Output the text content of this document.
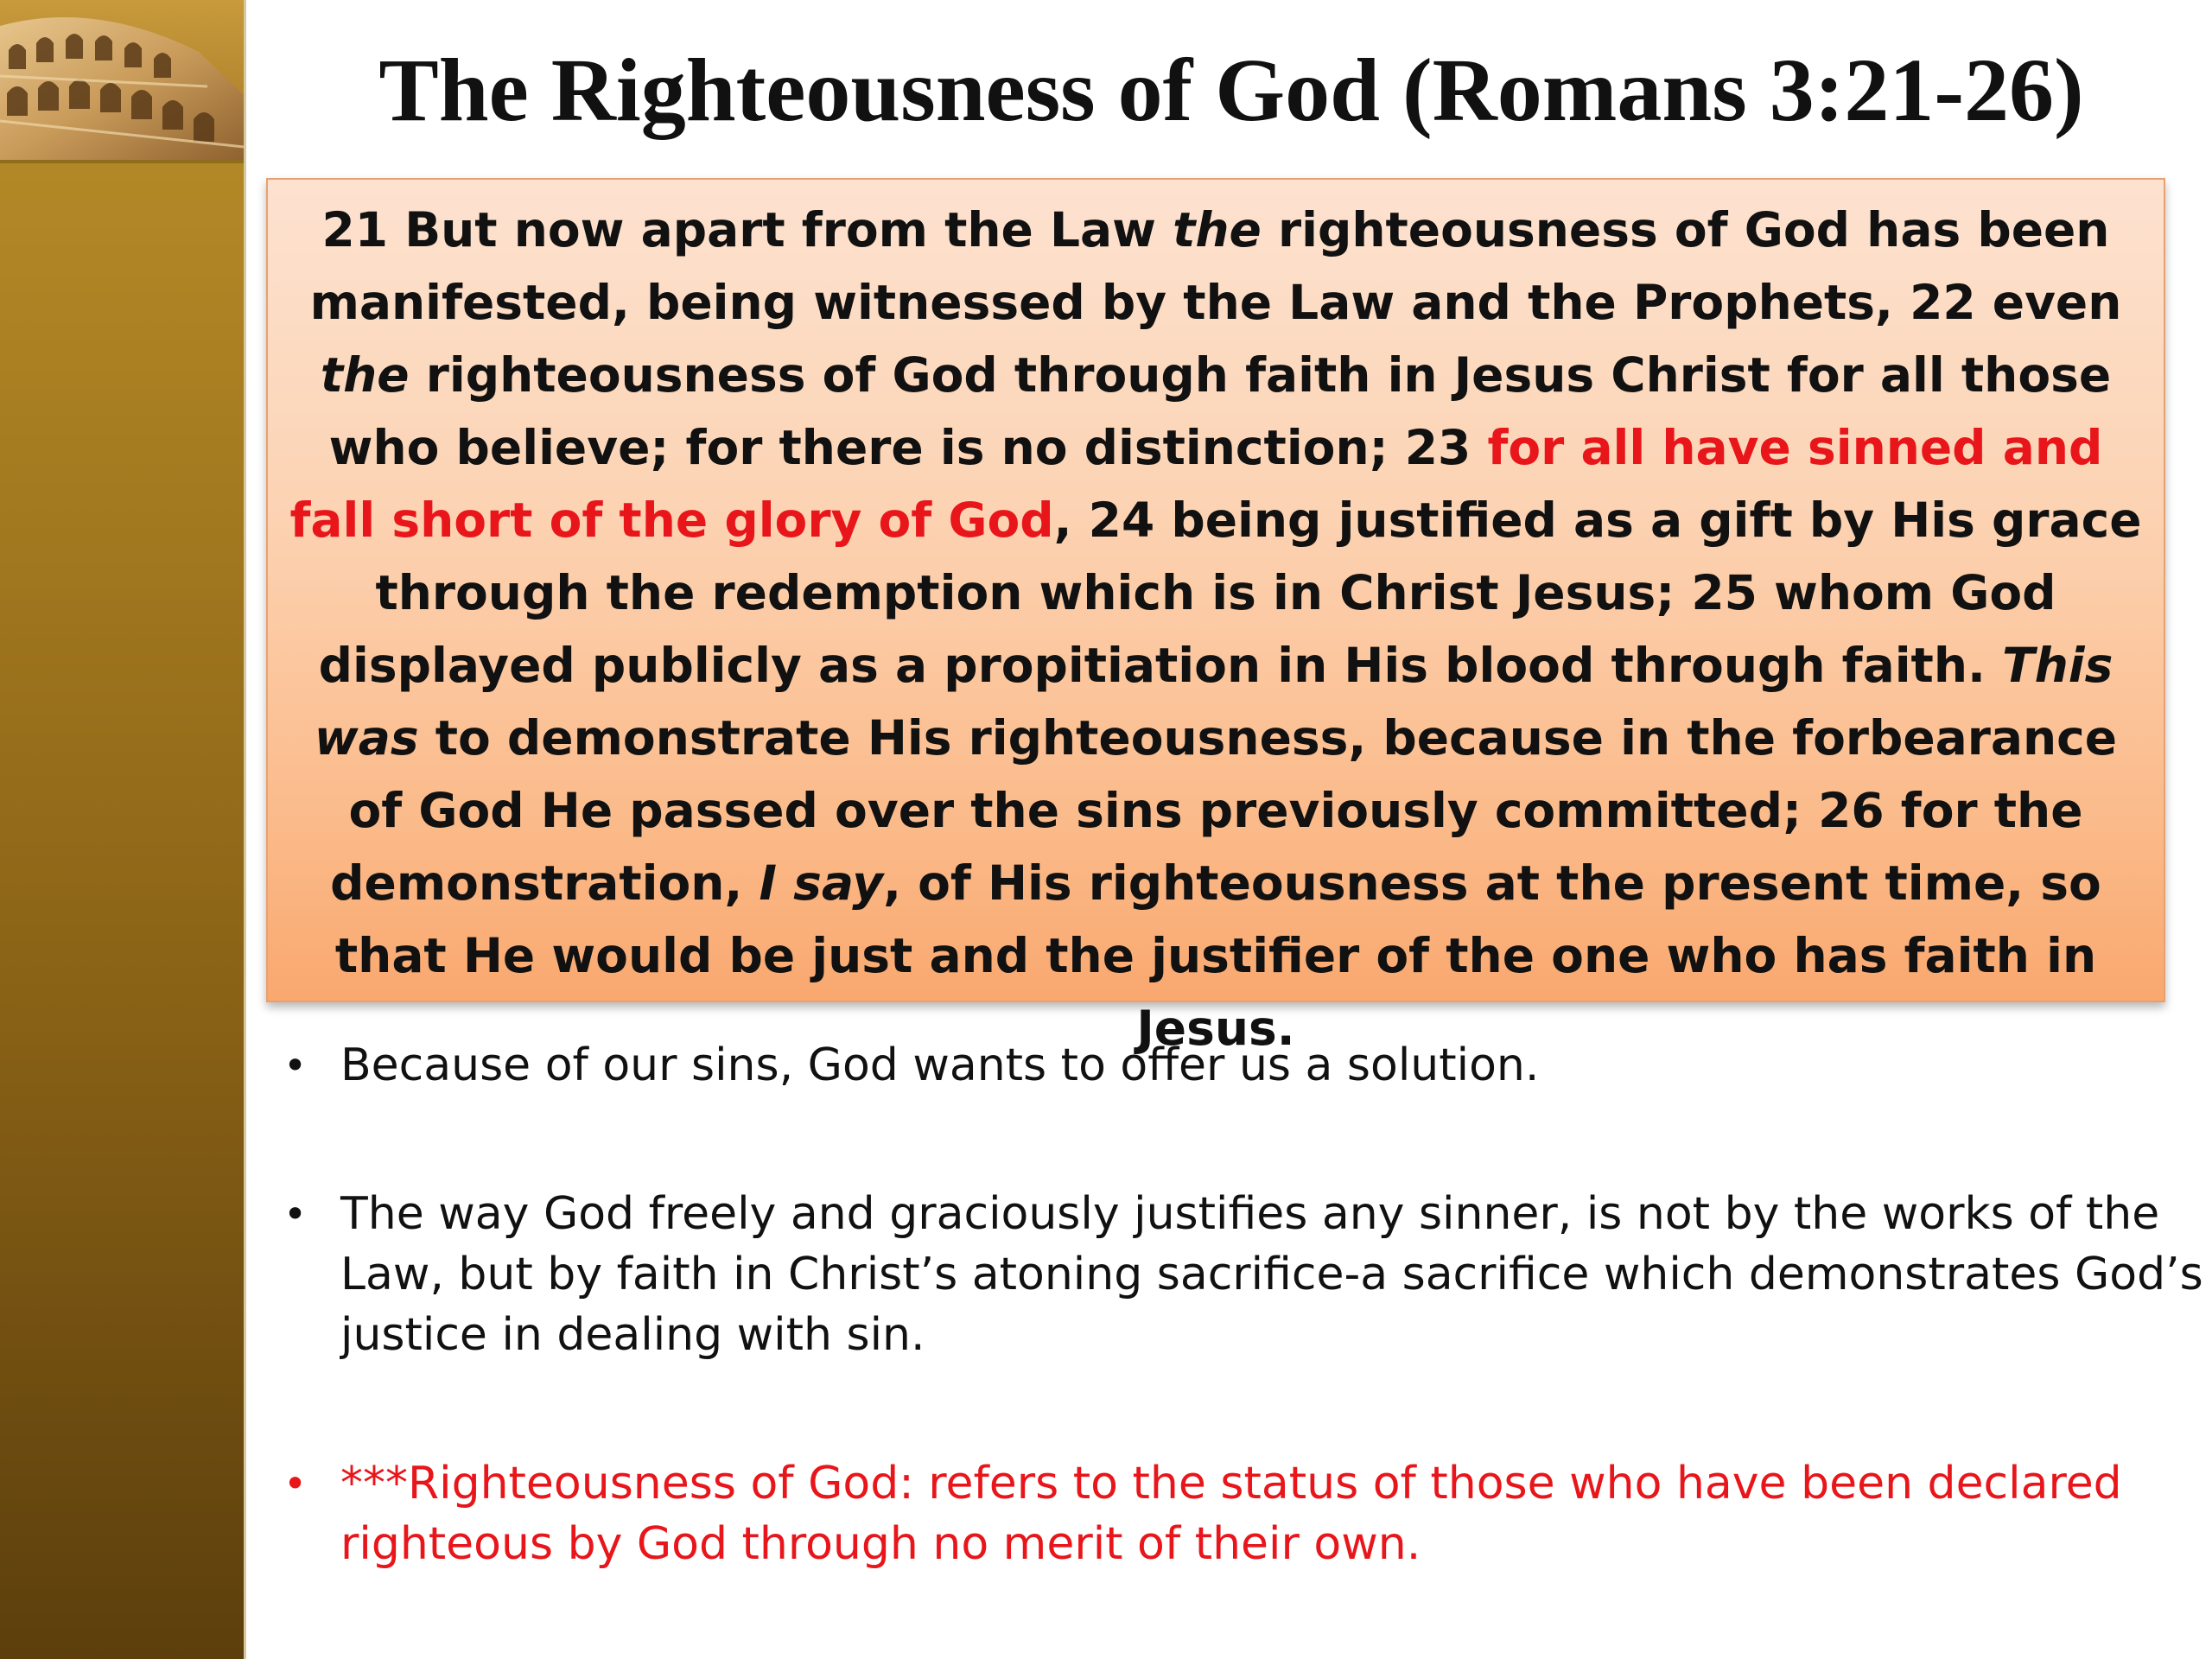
The Righteousness of God (Romans 3:21-26)
21 But now apart from the Law the righteousness of God has been manifested, being witnessed by the Law and the Prophets, 22 even the righteousness of God through faith in Jesus Christ for all those who believe; for there is no distinction; 23 for all have sinned and fall short of the glory of God, 24 being justified as a gift by His grace through the redemption which is in Christ Jesus; 25 whom God displayed publicly as a propitiation in His blood through faith. This was to demonstrate His righteousness, because in the forbearance of God He passed over the sins previously committed; 26 for the demonstration, I say, of His righteousness at the present time, so that He would be just and the justifier of the one who has faith in Jesus.
• Because of our sins, God wants to offer us a solution.
• The way God freely and graciously justifies any sinner, is not by the works of the Law, but by faith in Christ’s atoning sacrifice-a sacrifice which demonstrates God’s justice in dealing with sin.
• ***Righteousness of God: refers to the status of those who have been declared righteous by God through no merit of their own.
